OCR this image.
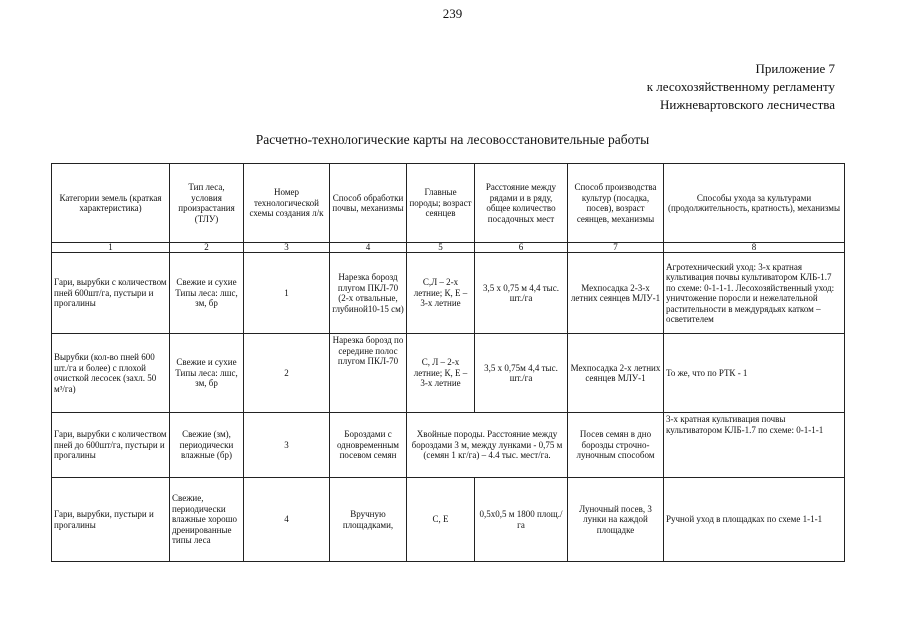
239
Приложение 7
к лесохозяйственному регламенту
Нижневартовского лесничества
Расчетно-технологические карты на лесовосстановительные работы
Категории земель (краткая характеристика)	Тип леса, условия произрастания (ТЛУ)	Номер технологической схемы создания л/к	Способ обработки почвы, механизмы	Главные породы; возраст сеянцев	Расстояние между рядами и в ряду, общее количество посадочных мест	Способ производства культур (посадка, посев), возраст сеянцев, механизмы	Способы ухода за культурами (продолжительность, кратность), механизмы
1	2	3	4	5	6	7	8
Гари, вырубки с количеством пней 600шт/га, пустыри и прогалины	Свежие и сухие Типы леса: лшс, зм, бр	1	Нарезка борозд плугом ПКЛ-70 (2-х отвальные, глубиной10-15 см)	С,Л – 2-х летние; К, Е – 3-х летние	3,5 х 0,75 м 4,4 тыс. шт./га	Мехпосадка 2-3-х летних сеянцев МЛУ-1	Агротехнический уход: 3-х кратная культивация почвы культиватором КЛБ-1.7 по схеме: 0-1-1-1. Лесохозяйственный уход: уничтожение поросли и нежелательной растительности в междурядьях катком – осветителем
Вырубки (кол-во пней 600 шт./га и более) с плохой очисткой лесосек (захл. 50 м³/га)	Свежие и сухие Типы леса: лшс, зм, бр	2	Нарезка борозд по середине полос плугом ПКЛ-70	С, Л – 2-х летние; К, Е – 3-х летние	3,5 х 0,75м 4,4 тыс. шт./га	Мехпосадка 2-х летних сеянцев МЛУ-1	То же, что по РТК - 1
Гари, вырубки с количеством пней до 600шт/га, пустыри и прогалины	Свежие (зм), периодически влажные (бр)	3	Бороздами с одновременным посевом семян	Хвойные породы. Расстояние между бороздами 3 м, между лунками - 0,75 м (семян 1 кг/га) – 4.4 тыс. мест/га.		Посев семян в дно борозды строчно-луночным способом	3-х кратная культивация почвы культиватором КЛБ-1.7 по схеме: 0-1-1-1
Гари, вырубки, пустыри и прогалины	Свежие, периодически влажные хорошо дренированные типы леса	4	Вручную площадками,	С, Е	0,5х0,5 м 1800 площ./га	Луночный посев, 3 лунки на каждой площадке	Ручной уход в площадках по схеме 1-1-1
